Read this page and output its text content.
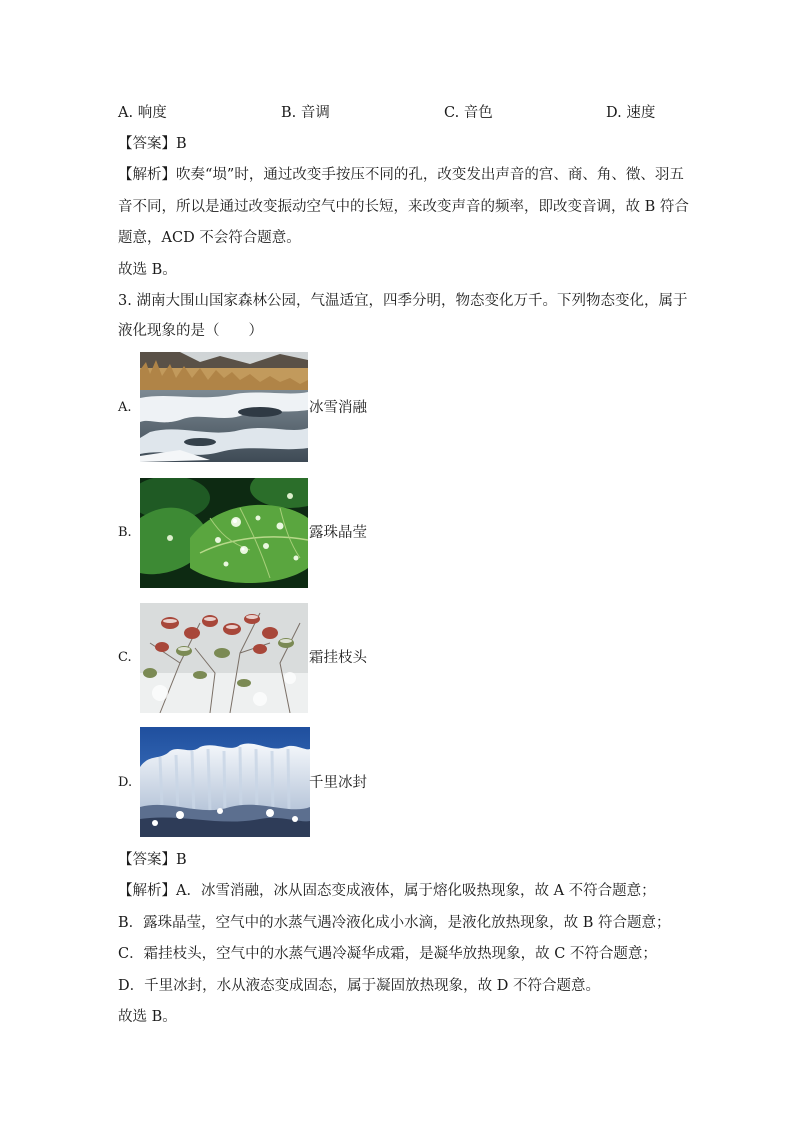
A. 响度	B. 音调	C. 音色	D. 速度
【答案】B
【解析】吹奏“埙”时，通过改变手按压不同的孔，改变发出声音的宫、商、角、徵、羽五
音不同，所以是通过改变振动空气中的长短，来改变声音的频率，即改变音调，故 B 符合
题意，ACD 不会符合题意。
故选 B。
3. 湖南大围山国家森林公园，气温适宜，四季分明，物态变化万千。下列物态变化，属于
液化现象的是（　　）
A.	冰雪消融
B.	露珠晶莹
C.	霜挂枝头
D.	千里冰封
【答案】B
【解析】A．冰雪消融，冰从固态变成液体，属于熔化吸热现象，故 A 不符合题意；
B．露珠晶莹，空气中的水蒸气遇冷液化成小水滴，是液化放热现象，故 B 符合题意；
C．霜挂枝头，空气中的水蒸气遇冷凝华成霜，是凝华放热现象，故 C 不符合题意；
D．千里冰封，水从液态变成固态，属于凝固放热现象，故 D 不符合题意。
故选 B。
